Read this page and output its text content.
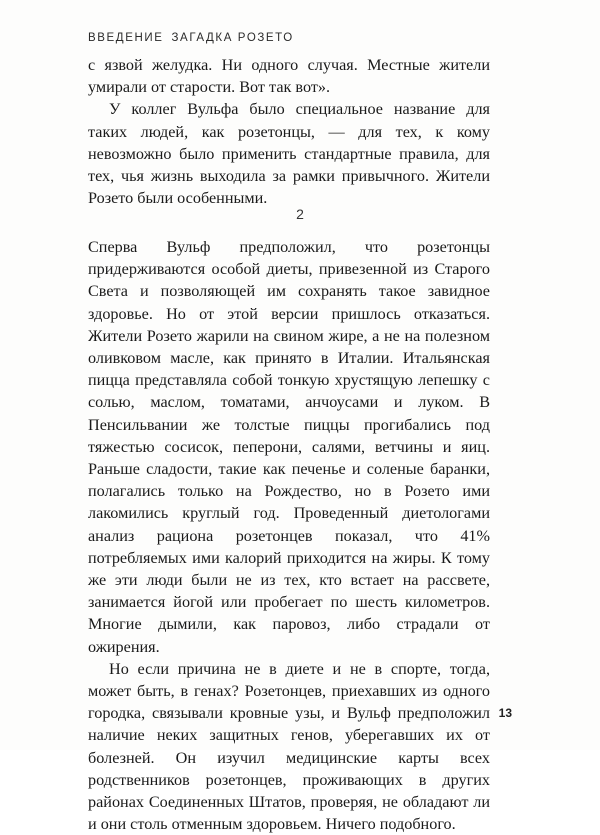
ВВЕДЕНИЕ ЗАГАДКА РОЗЕТО

с язвой желудка. Ни одного случая. Местные жители умирали от старости. Вот так вот».

У коллег Вульфа было специальное название для таких людей, как розетонцы, — для тех, к кому невозможно было применить стандартные правила, для тех, чья жизнь выходила за рамки привычного. Жители Розето были особенными.

2

Сперва Вульф предположил, что розетонцы придерживаются особой диеты, привезенной из Старого Света и позволяющей им сохранять такое завидное здоровье. Но от этой версии пришлось отказаться. Жители Розето жарили на свином жире, а не на полезном оливковом масле, как принято в Италии. Итальянская пицца представляла собой тонкую хрустящую лепешку с солью, маслом, томатами, анчоусами и луком. В Пенсильвании же толстые пиццы прогибались под тяжестью сосисок, пеперони, салями, ветчины и яиц. Раньше сладости, такие как печенье и соленые баранки, полагались только на Рождество, но в Розето ими лакомились круглый год. Проведенный диетологами анализ рациона розетонцев показал, что 41% потребляемых ими калорий приходится на жиры. К тому же эти люди были не из тех, кто встает на рассвете, занимается йогой или пробегает по шесть километров. Многие дымили, как паровоз, либо страдали от ожирения.

Но если причина не в диете и не в спорте, тогда, может быть, в генах? Розетонцев, приехавших из одного городка, связывали кровные узы, и Вульф предположил наличие неких защитных генов, уберегавших их от болезней. Он изучил медицинские карты всех родственников розетонцев, проживающих в других районах Соединенных Штатов, проверяя, не обладают ли и они столь отменным здоровьем. Ничего подобного.

13
